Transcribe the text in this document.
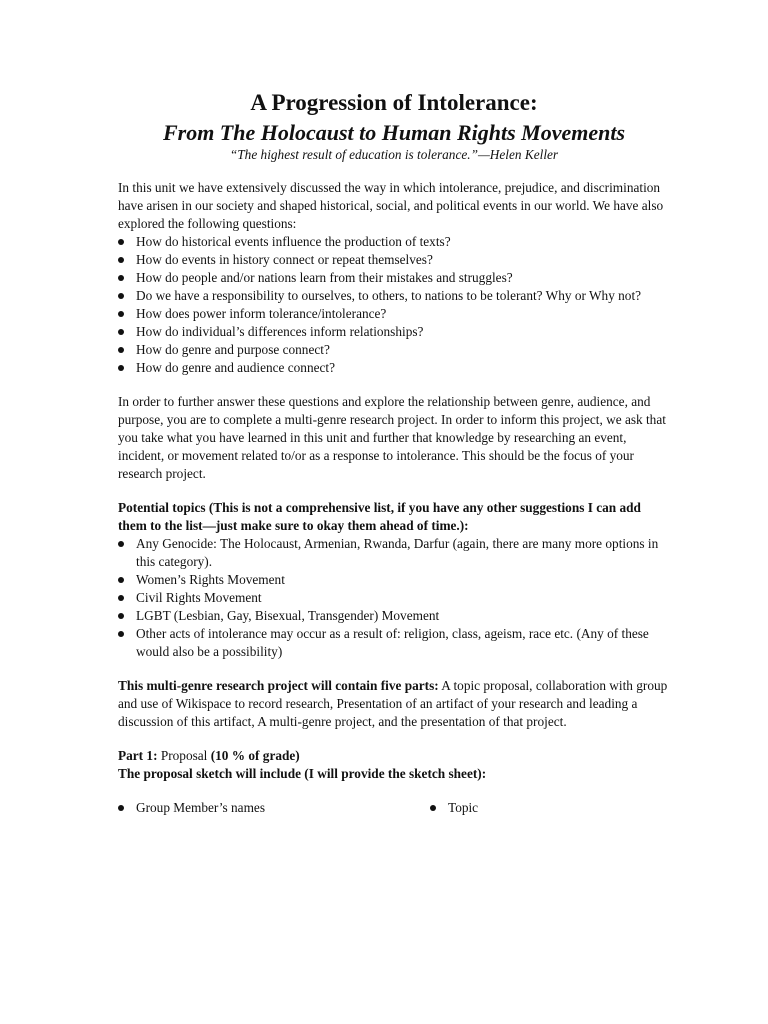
A Progression of Intolerance:
From The Holocaust to Human Rights Movements

“The highest result of education is tolerance.”—Helen Keller

In this unit we have extensively discussed the way in which intolerance, prejudice, and discrimination have arisen in our society and shaped historical, social, and political events in our world. We have also explored the following questions:

How do historical events influence the production of texts?
How do events in history connect or repeat themselves?
How do people and/or nations learn from their mistakes and struggles?
Do we have a responsibility to ourselves, to others, to nations to be tolerant? Why or Why not?
How does power inform tolerance/intolerance?
How do individual’s differences inform relationships?
How do genre and purpose connect?
How do genre and audience connect?

In order to further answer these questions and explore the relationship between genre, audience, and purpose, you are to complete a multi-genre research project. In order to inform this project, we ask that you take what you have learned in this unit and further that knowledge by researching an event, incident, or movement related to/or as a response to intolerance. This should be the focus of your research project.

Potential topics (This is not a comprehensive list, if you have any other suggestions I can add them to the list—just make sure to okay them ahead of time.):

Any Genocide: The Holocaust, Armenian, Rwanda, Darfur (again, there are many more options in this category).
Women’s Rights Movement
Civil Rights Movement
LGBT (Lesbian, Gay, Bisexual, Transgender) Movement
Other acts of intolerance may occur as a result of: religion, class, ageism, race etc. (Any of these would also be a possibility)

This multi-genre research project will contain five parts: A topic proposal, collaboration with group and use of Wikispace to record research, Presentation of an artifact of your research and leading a discussion of this artifact, A multi-genre project, and the presentation of that project.

Part 1: Proposal (10 % of grade)

The proposal sketch will include (I will provide the sketch sheet):

Group Member’s names	Topic
